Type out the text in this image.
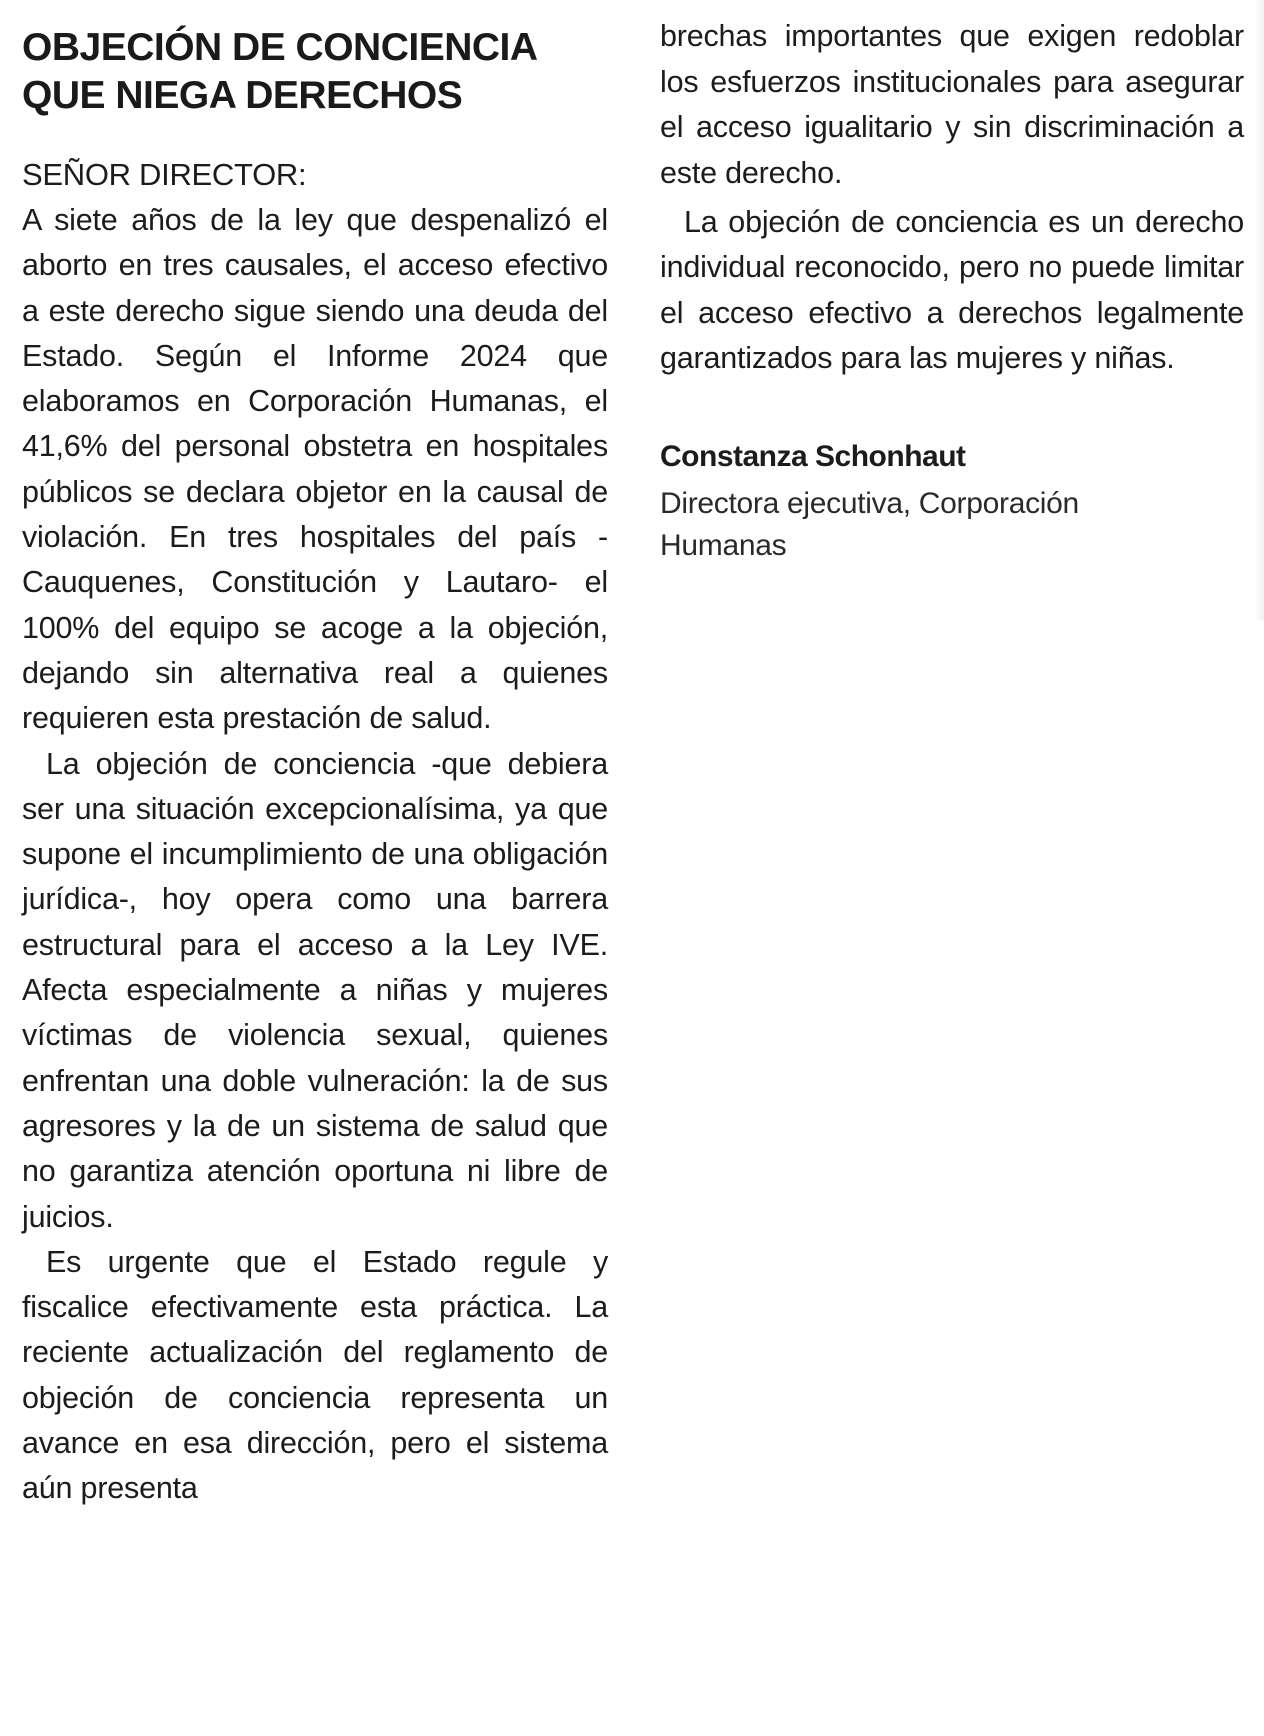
OBJECIÓN DE CONCIENCIA
QUE NIEGA DERECHOS

SEÑOR DIRECTOR:

A siete años de la ley que despenalizó el aborto en tres causales, el acceso efectivo a este derecho sigue siendo una deuda del Estado. Según el Informe 2024 que elaboramos en Corporación Humanas, el 41,6% del personal obstetra en hospitales públicos se declara objetor en la causal de violación. En tres hospitales del país -Cauquenes, Constitución y Lautaro- el 100% del equipo se acoge a la objeción, dejando sin alternativa real a quienes requieren esta prestación de salud.

La objeción de conciencia -que debiera ser una situación excepcionalísima, ya que supone el incumplimiento de una obligación jurídica-, hoy opera como una barrera estructural para el acceso a la Ley IVE. Afecta especialmente a niñas y mujeres víctimas de violencia sexual, quienes enfrentan una doble vulneración: la de sus agresores y la de un sistema de salud que no garantiza atención oportuna ni libre de juicios.

Es urgente que el Estado regule y fiscalice efectivamente esta práctica. La reciente actualización del reglamento de objeción de conciencia representa un avance en esa dirección, pero el sistema aún presenta

brechas importantes que exigen redoblar los esfuerzos institucionales para asegurar el acceso igualitario y sin discriminación a este derecho.

La objeción de conciencia es un derecho individual reconocido, pero no puede limitar el acceso efectivo a derechos legalmente garantizados para las mujeres y niñas.

Constanza Schonhaut

Directora ejecutiva, Corporación

Humanas
